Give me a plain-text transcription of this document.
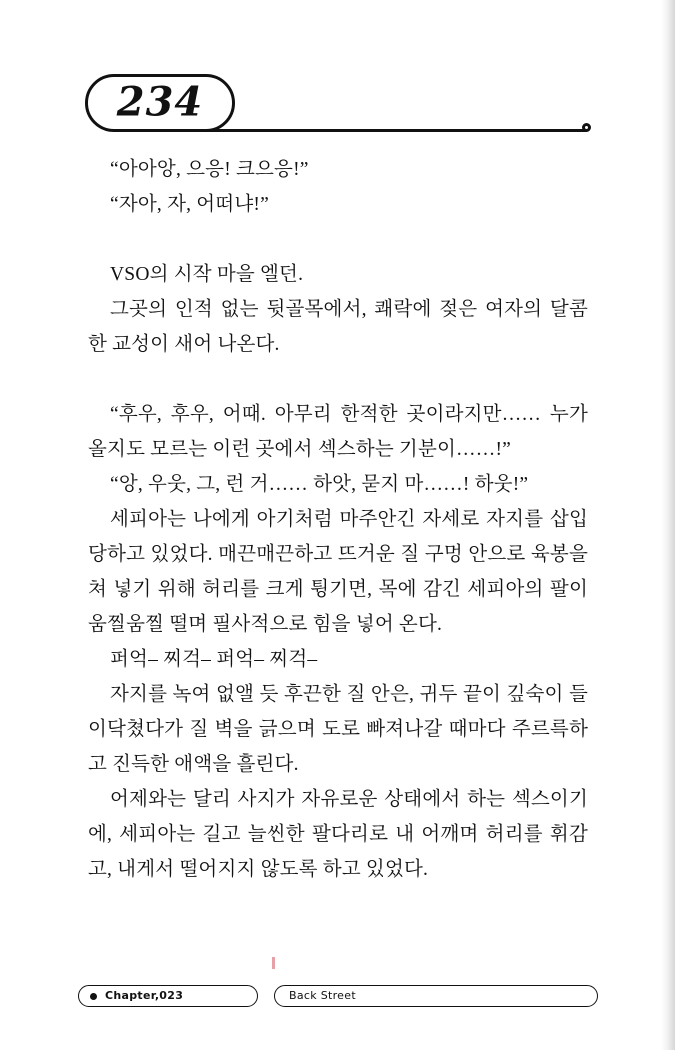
234

“아아앙, 으응! 크으응!”

“자아, 자, 어떠냐!”

VSO의 시작 마을 엘던.

그곳의 인적 없는 뒷골목에서, 쾌락에 젖은 여자의 달콤한 교성이 새어 나온다.

“후우, 후우, 어때. 아무리 한적한 곳이라지만…… 누가 올지도 모르는 이런 곳에서 섹스하는 기분이……!”

“앙, 우웃, 그, 런 거…… 하앗, 묻지 마……! 하웃!”

세피아는 나에게 아기처럼 마주안긴 자세로 자지를 삽입당하고 있었다. 매끈매끈하고 뜨거운 질 구멍 안으로 육봉을 쳐 넣기 위해 허리를 크게 튕기면, 목에 감긴 세피아의 팔이 움찔움찔 떨며 필사적으로 힘을 넣어 온다.

퍼억– 찌걱– 퍼억– 찌걱–

자지를 녹여 없앨 듯 후끈한 질 안은, 귀두 끝이 깊숙이 들이닥쳤다가 질 벽을 긁으며 도로 빠져나갈 때마다 주르륵하고 진득한 애액을 흘린다.

어제와는 달리 사지가 자유로운 상태에서 하는 섹스이기에, 세피아는 길고 늘씬한 팔다리로 내 어깨며 허리를 휘감고, 내게서 떨어지지 않도록 하고 있었다.

Chapter,023	Back Street
